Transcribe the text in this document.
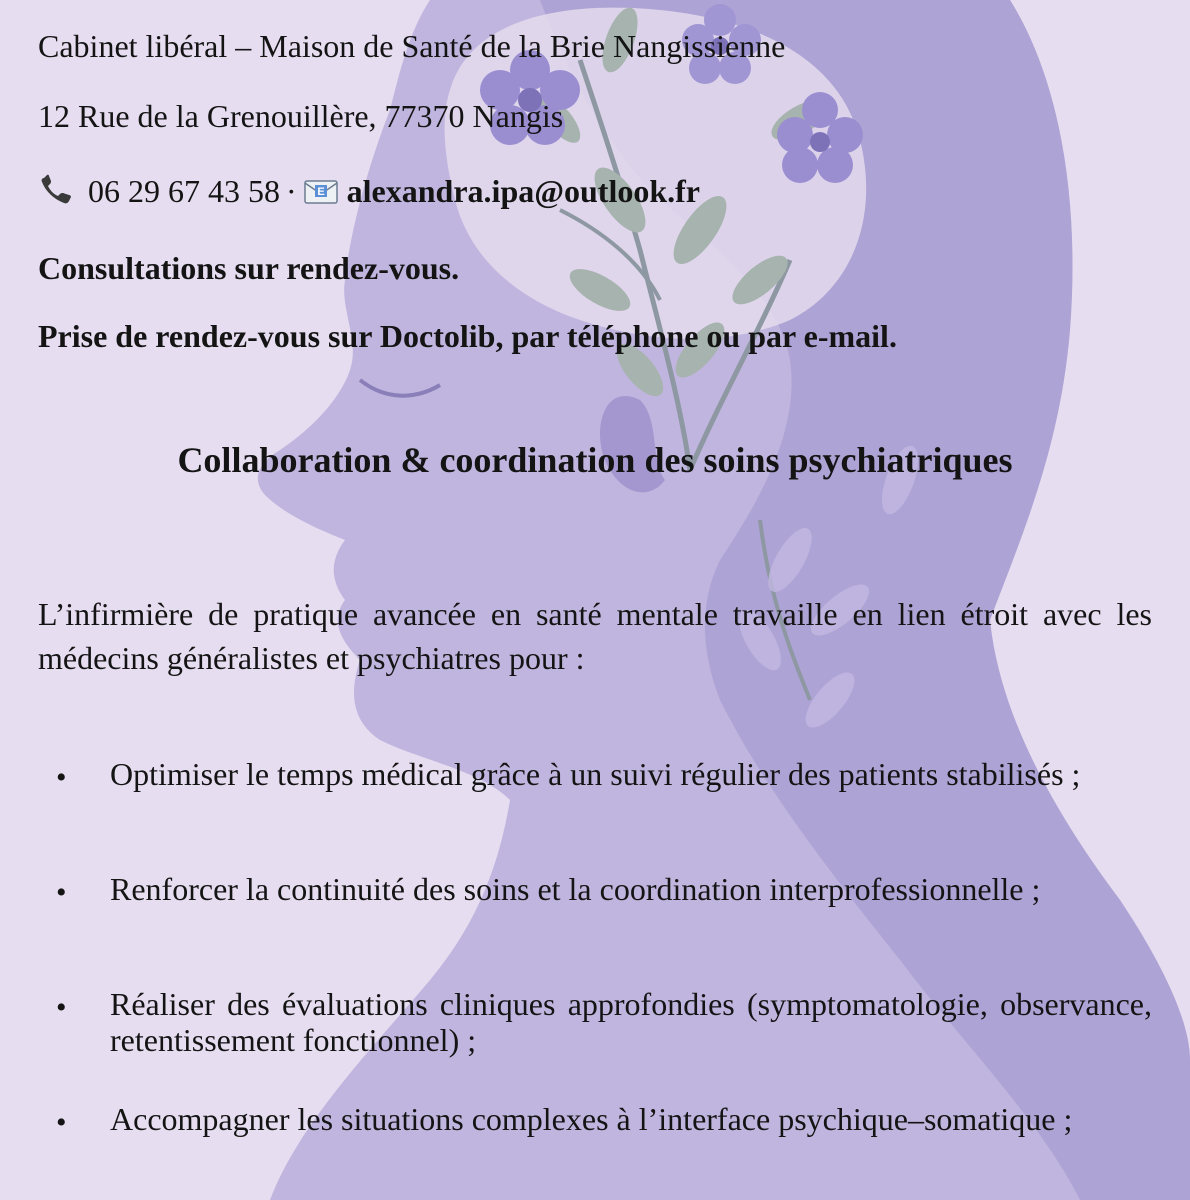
Cabinet libéral – Maison de Santé de la Brie Nangissienne
12 Rue de la Grenouillère, 77370 Nangis
06 29 67 43 58 · E alexandra.ipa@outlook.fr
Consultations sur rendez-vous.
Prise de rendez-vous sur Doctolib, par téléphone ou par e-mail.
Collaboration & coordination des soins psychiatriques
L’infirmière de pratique avancée en santé mentale travaille en lien étroit avec les médecins généralistes et psychiatres pour :
• Optimiser le temps médical grâce à un suivi régulier des patients stabilisés ;
• Renforcer la continuité des soins et la coordination interprofessionnelle ;
• Réaliser des évaluations cliniques approfondies (symptomatologie, observance, retentissement fonctionnel) ;
• Accompagner les situations complexes à l’interface psychique–somatique ;
